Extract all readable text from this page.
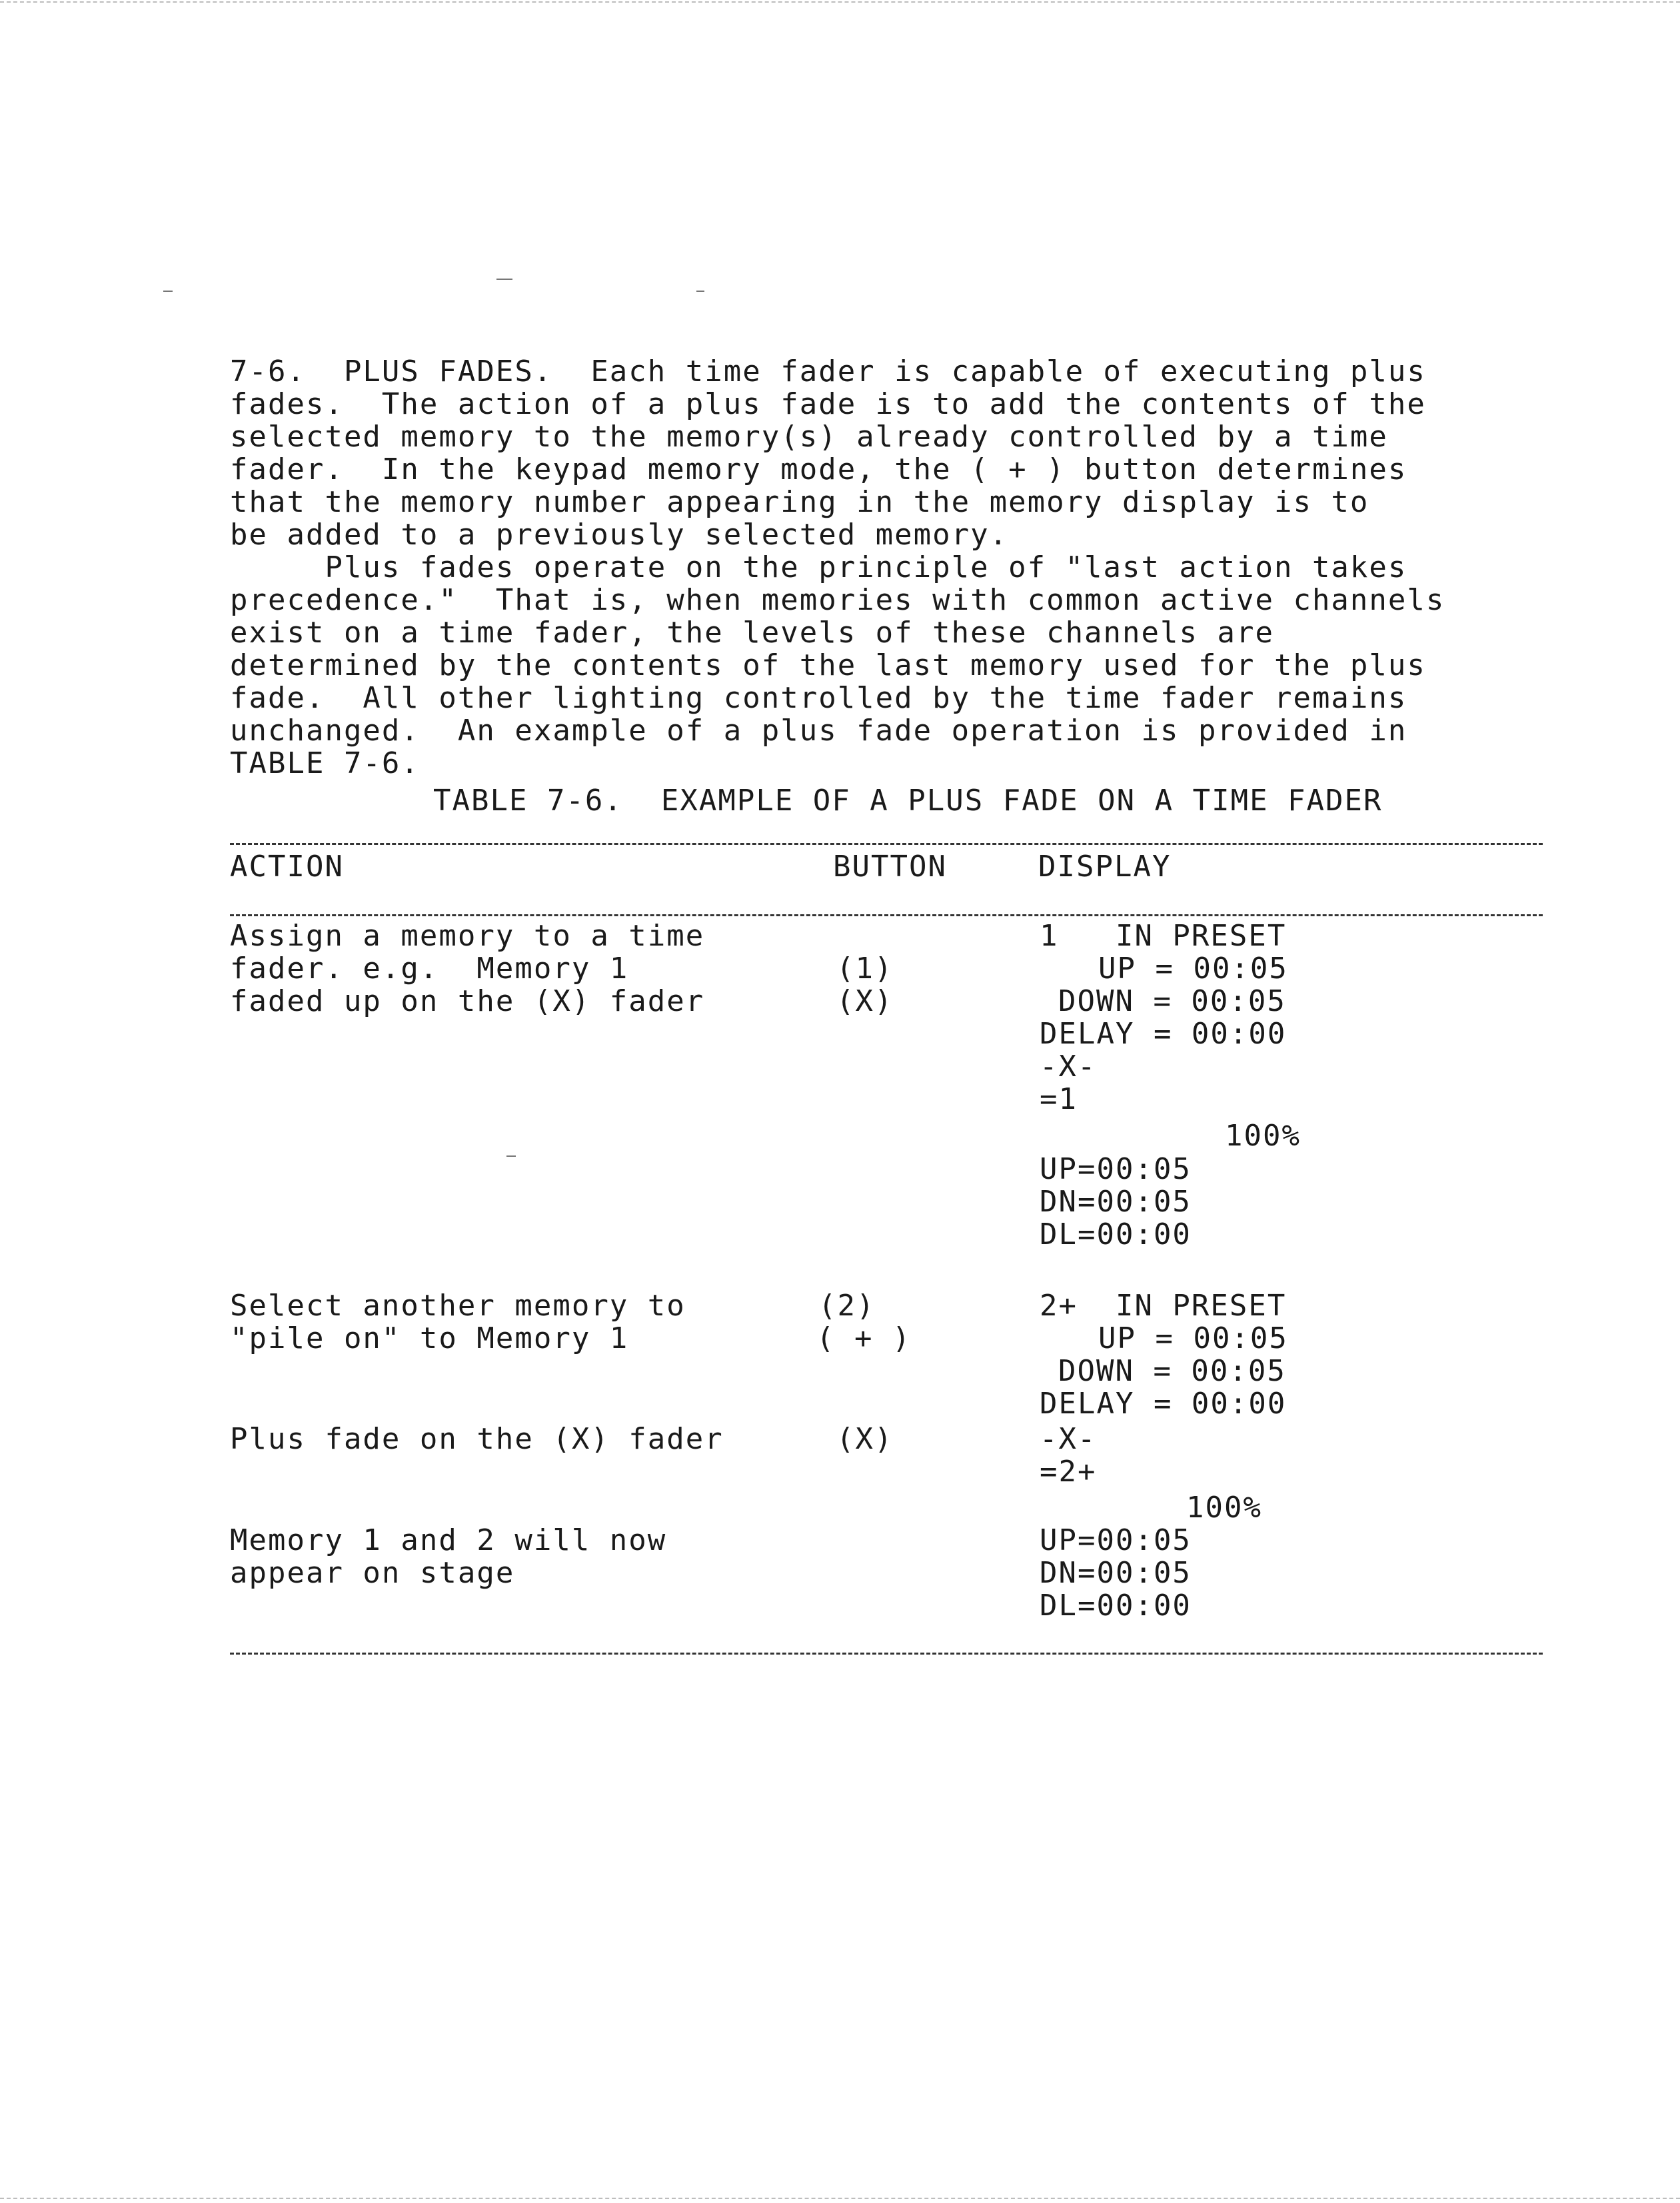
7-6.  PLUS FADES.  Each time fader is capable of executing plus
fades.  The action of a plus fade is to add the contents of the
selected memory to the memory(s) already controlled by a time
fader.  In the keypad memory mode, the ( + ) button determines
that the memory number appearing in the memory display is to
be added to a previously selected memory.
Plus fades operate on the principle of "last action takes
precedence."  That is, when memories with common active channels
exist on a time fader, the levels of these channels are
determined by the contents of the last memory used for the plus
fade.  All other lighting controlled by the time fader remains
unchanged.  An example of a plus fade operation is provided in
TABLE 7-6.
TABLE 7-6.  EXAMPLE OF A PLUS FADE ON A TIME FADER
ACTION	BUTTON	DISPLAY
Assign a memory to a time
fader. e.g.  Memory 1
faded up on the (X) fader
Select another memory to
"pile on" to Memory 1
Plus fade on the (X) fader
Memory 1 and 2 will now
appear on stage
(1)
(X)
(2)
( + )
(X)
1   IN PRESET
UP = 00:05
DOWN = 00:05
DELAY = 00:00
-X-
=1
100%
UP=00:05
DN=00:05
DL=00:00
2+  IN PRESET
UP = 00:05
DOWN = 00:05
DELAY = 00:00
-X-
=2+
100%
UP=00:05
DN=00:05
DL=00:00
